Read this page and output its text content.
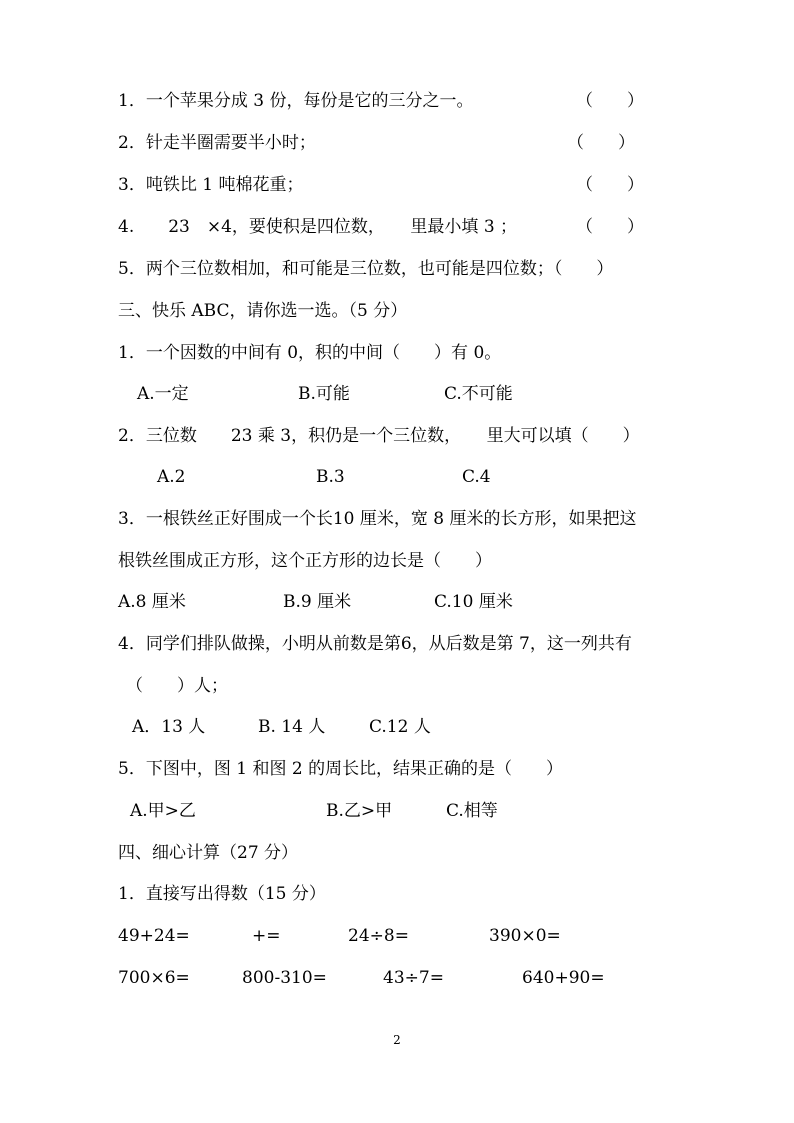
1．一个苹果分成 3 份，每份是它的三分之一。	（　　）
2．针走半圈需要半小时；	（　　）
3．吨铁比 1 吨棉花重；	（　　）
4.　　23　×4，要使积是四位数，　　里最小填 3 ；	（　　）
5．两个三位数相加，和可能是三位数，也可能是四位数；（　　）
三、快乐 ABC，请你选一选。（5 分）
1．一个因数的中间有 0，积的中间（　　）有 0。
A.一定	B.可能	C.不可能
2．三位数　　23 乘 3，积仍是一个三位数，　　里大可以填（　　）
A.2	B.3	C.4
3．一根铁丝正好围成一个长10 厘米，宽 8 厘米的长方形，如果把这
根铁丝围成正方形，这个正方形的边长是（　　）
A.8 厘米	B.9 厘米	C.10 厘米
4．同学们排队做操，小明从前数是第6，从后数是第 7，这一列共有
（　　）人；
A．13 人	B. 14 人	C.12 人
5．下图中，图 1 和图 2 的周长比，结果正确的是（　　）
A.甲>乙	B.乙>甲	C.相等
四、细心计算（27 分）
1．直接写出得数（15 分）
49+24=	+=	24÷8=	390×0=
700×6=	800-310=	43÷7=	640+90=
2
